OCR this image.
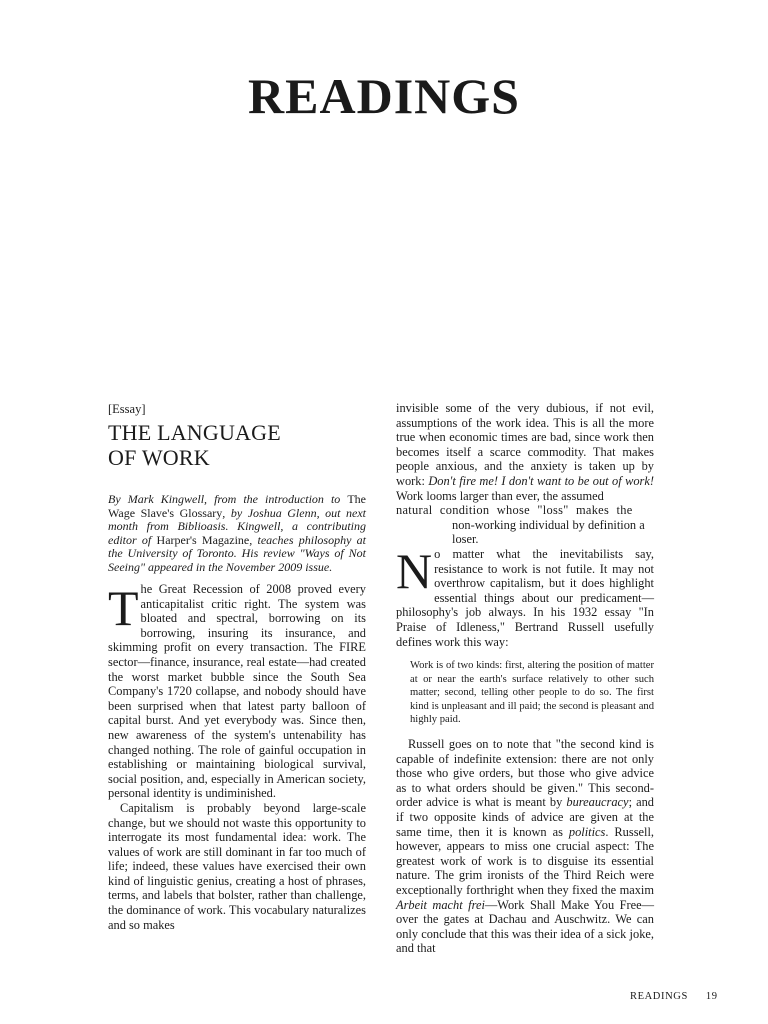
READINGS
[Essay]
THE LANGUAGE
OF WORK

By Mark Kingwell, from the introduction to The Wage Slave's Glossary, by Joshua Glenn, out next month from Biblioasis. Kingwell, a contributing editor of Harper's Magazine, teaches philosophy at the University of Toronto. His review "Ways of Not Seeing" appeared in the November 2009 issue.

The Great Recession of 2008 proved every anticapitalist critic right. The system was bloated and spectral, borrowing on its borrowing, insuring its insurance, and skimming profit on every transaction. The FIRE sector—finance, insurance, real estate—had created the worst market bubble since the South Sea Company's 1720 collapse, and nobody should have been surprised when that latest party balloon of capital burst. And yet everybody was. Since then, new awareness of the system's untenability has changed nothing. The role of gainful occupation in establishing or maintaining biological survival, social position, and, especially in American society, personal identity is undiminished.

Capitalism is probably beyond large-scale change, but we should not waste this opportunity to interrogate its most fundamental idea: work. The values of work are still dominant in far too much of life; indeed, these values have exercised their own kind of linguistic genius, creating a host of phrases, terms, and labels that bolster, rather than challenge, the dominance of work. This vocabulary naturalizes and so makes

invisible some of the very dubious, if not evil, assumptions of the work idea. This is all the more true when economic times are bad, since work then becomes itself a scarce commodity. That makes people anxious, and the anxiety is taken up by work: Don't fire me! I don't want to be out of work! Work looms larger than ever, the assumed

natural condition whose "loss" makes the

non-working individual by definition a loser.

No matter what the inevitabilists say, resistance to work is not futile. It may not overthrow capitalism, but it does highlight essential things about our predicament—philosophy's job always. In his 1932 essay "In Praise of Idleness," Bertrand Russell usefully defines work this way:

Work is of two kinds: first, altering the position of matter at or near the earth's surface relatively to other such matter; second, telling other people to do so. The first kind is unpleasant and ill paid; the second is pleasant and highly paid.

Russell goes on to note that "the second kind is capable of indefinite extension: there are not only those who give orders, but those who give advice as to what orders should be given." This second-order advice is what is meant by bureaucracy; and if two opposite kinds of advice are given at the same time, then it is known as politics. Russell, however, appears to miss one crucial aspect: The greatest work of work is to disguise its essential nature. The grim ironists of the Third Reich were exceptionally forthright when they fixed the maxim Arbeit macht frei—Work Shall Make You Free—over the gates at Dachau and Auschwitz. We can only conclude that this was their idea of a sick joke, and that

READINGS 19
